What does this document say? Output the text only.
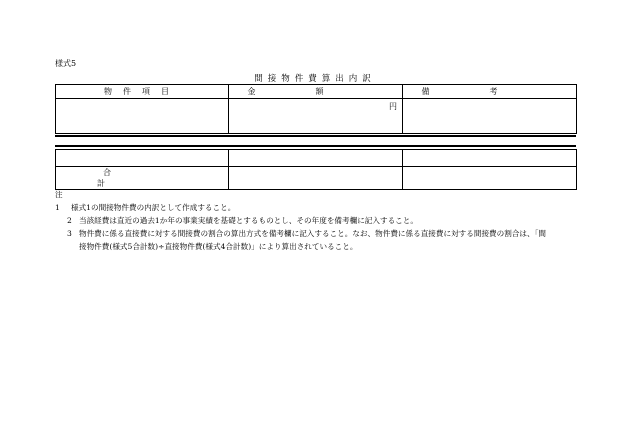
様式5
間接物件費算出内訳
物件項目	金額	備考
	円	

合計		
注1 様式1の間接物件費の内訳として作成すること。
2 当該経費は直近の過去1か年の事業実績を基礎とするものとし、その年度を備考欄に記入すること。
3 物件費に係る直接費に対する間接費の割合の算出方式を備考欄に記入すること。なお、物件費に係る直接費に対する間接費の割合は、「間
接物件費(様式5合計数)÷直接物件費(様式4合計数)」により算出されていること。
